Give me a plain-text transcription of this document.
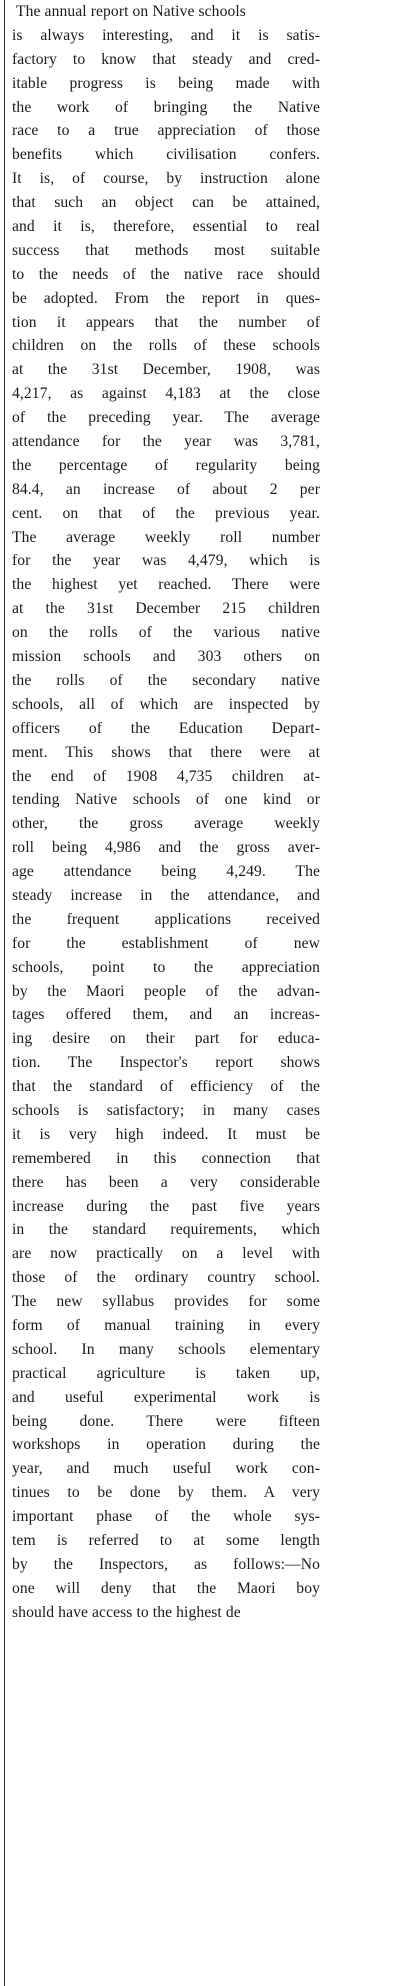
The annual report on Native schools
is always interesting, and it is satis-
factory to know that steady and cred-
itable progress is being made with
the work of bringing the Native
race to a true appreciation of those
benefits which civilisation confers.
It is, of course, by instruction alone
that such an object can be attained,
and it is, therefore, essential to real
success that methods most suitable
to the needs of the native race should
be adopted. From the report in ques-
tion it appears that the number of
children on the rolls of these schools
at the 31st December, 1908, was
4,217, as against 4,183 at the close
of the preceding year. The average
attendance for the year was 3,781,
the percentage of regularity being
84.4, an increase of about 2 per
cent. on that of the previous year.
The average weekly roll number
for the year was 4,479, which is
the highest yet reached. There were
at the 31st December 215 children
on the rolls of the various native
mission schools and 303 others on
the rolls of the secondary native
schools, all of which are inspected by
officers of the Education Depart-
ment. This shows that there were at
the end of 1908 4,735 children at-
tending Native schools of one kind or
other, the gross average weekly
roll being 4,986 and the gross aver-
age attendance being 4,249. The
steady increase in the attendance, and
the frequent applications received
for the establishment of new
schools, point to the appreciation
by the Maori people of the advan-
tages offered them, and an increas-
ing desire on their part for educa-
tion. The Inspector's report shows
that the standard of efficiency of the
schools is satisfactory; in many cases
it is very high indeed. It must be
remembered in this connection that
there has been a very considerable
increase during the past five years
in the standard requirements, which
are now practically on a level with
those of the ordinary country school.
The new syllabus provides for some
form of manual training in every
school. In many schools elementary
practical agriculture is taken up,
and useful experimental work is
being done. There were fifteen
workshops in operation during the
year, and much useful work con-
tinues to be done by them. A very
important phase of the whole sys-
tem is referred to at some length
by the Inspectors, as follows:—No
one will deny that the Maori boy
should have access to the highest de
